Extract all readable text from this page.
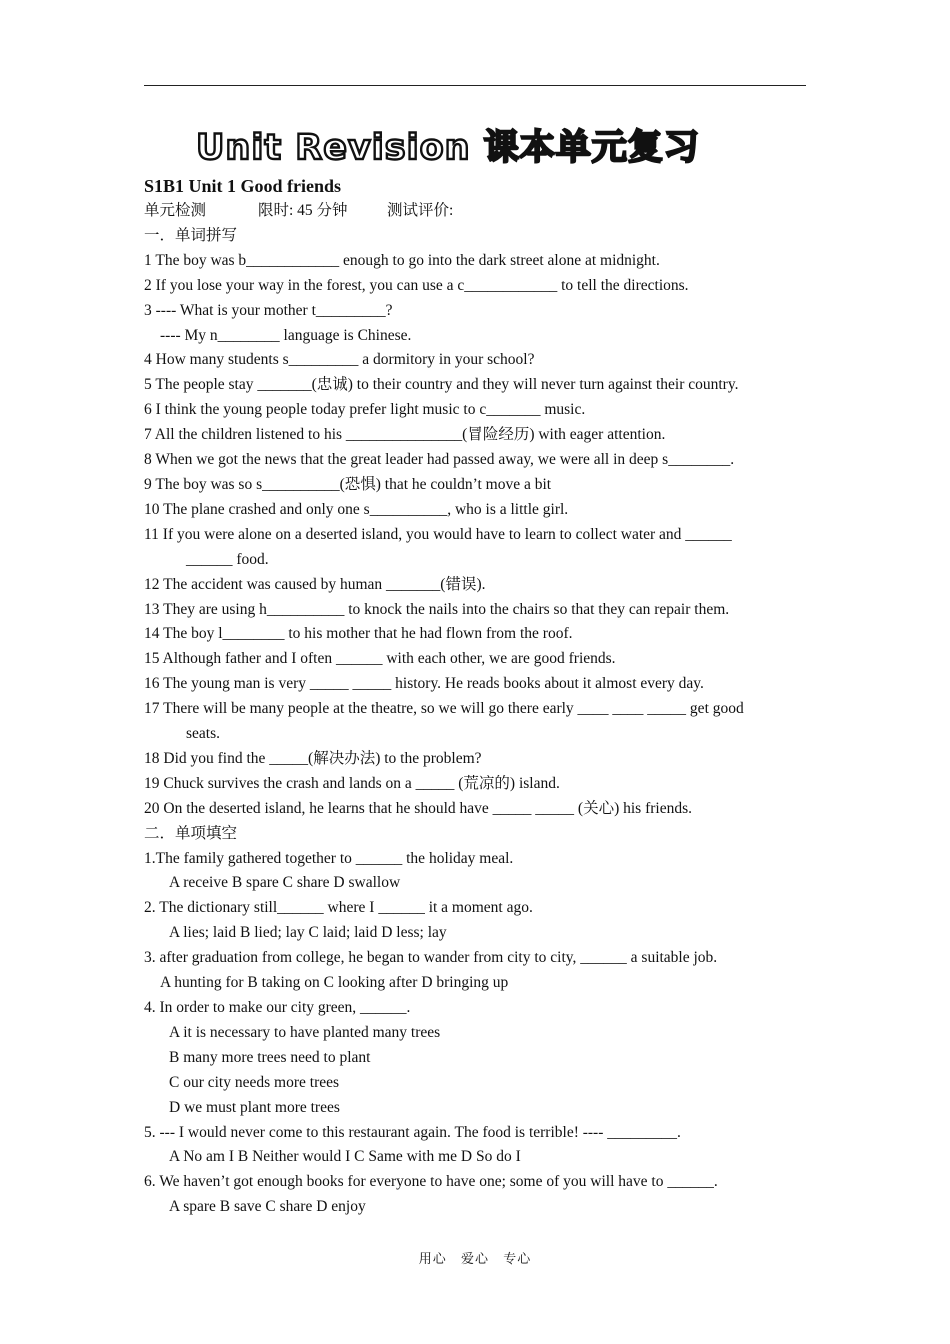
Unit Revision 课本单元复习
S1B1 Unit 1 Good friends
单元检测	限时: 45 分钟	测试评价:
一．单词拼写
1 The boy was b____________ enough to go into the dark street alone at midnight.
2 If you lose your way in the forest, you can use a c____________ to tell the directions.
3 ---- What is your mother t_________?
---- My n________ language is Chinese.
4 How many students s_________ a dormitory in your school?
5 The people stay _______(忠诚) to their country and they will never turn against their country.
6 I think the young people today prefer light music to c_______ music.
7 All the children listened to his _______________(冒险经历) with eager attention.
8 When we got the news that the great leader had passed away, we were all in deep s________.
9 The boy was so s__________(恐惧) that he couldn’t move a bit
10 The plane crashed and only one s__________, who is a little girl.
11 If you were alone on a deserted island, you would have to learn to collect water and ______
______ food.
12 The accident was caused by human _______(错误).
13 They are using h__________ to knock the nails into the chairs so that they can repair them.
14 The boy l________ to his mother that he had flown from the roof.
15 Although father and I often ______ with each other, we are good friends.
16 The young man is very _____ _____ history. He reads books about it almost every day.
17 There will be many people at the theatre, so we will go there early ____ ____ _____ get good
seats.
18 Did you find the _____(解决办法) to the problem?
19 Chuck survives the crash and lands on a _____ (荒凉的) island.
20 On the deserted island, he learns that he should have _____ _____ (关心) his friends.
二．单项填空
1.The family gathered together to ______ the holiday meal.
A receive B spare C share D swallow
2. The dictionary still______ where I ______ it a moment ago.
A lies; laid B lied; lay C laid; laid D less; lay
3. after graduation from college, he began to wander from city to city, ______ a suitable job.
A hunting for B taking on C looking after D bringing up
4. In order to make our city green, ______.
A it is necessary to have planted many trees
B many more trees need to plant
C our city needs more trees
D we must plant more trees
5. --- I would never come to this restaurant again. The food is terrible! ---- _________.
A No am I B Neither would I C Same with me D So do I
6. We haven’t got enough books for everyone to have one; some of you will have to ______.
A spare B save C share D enjoy
用心 爱心 专心
